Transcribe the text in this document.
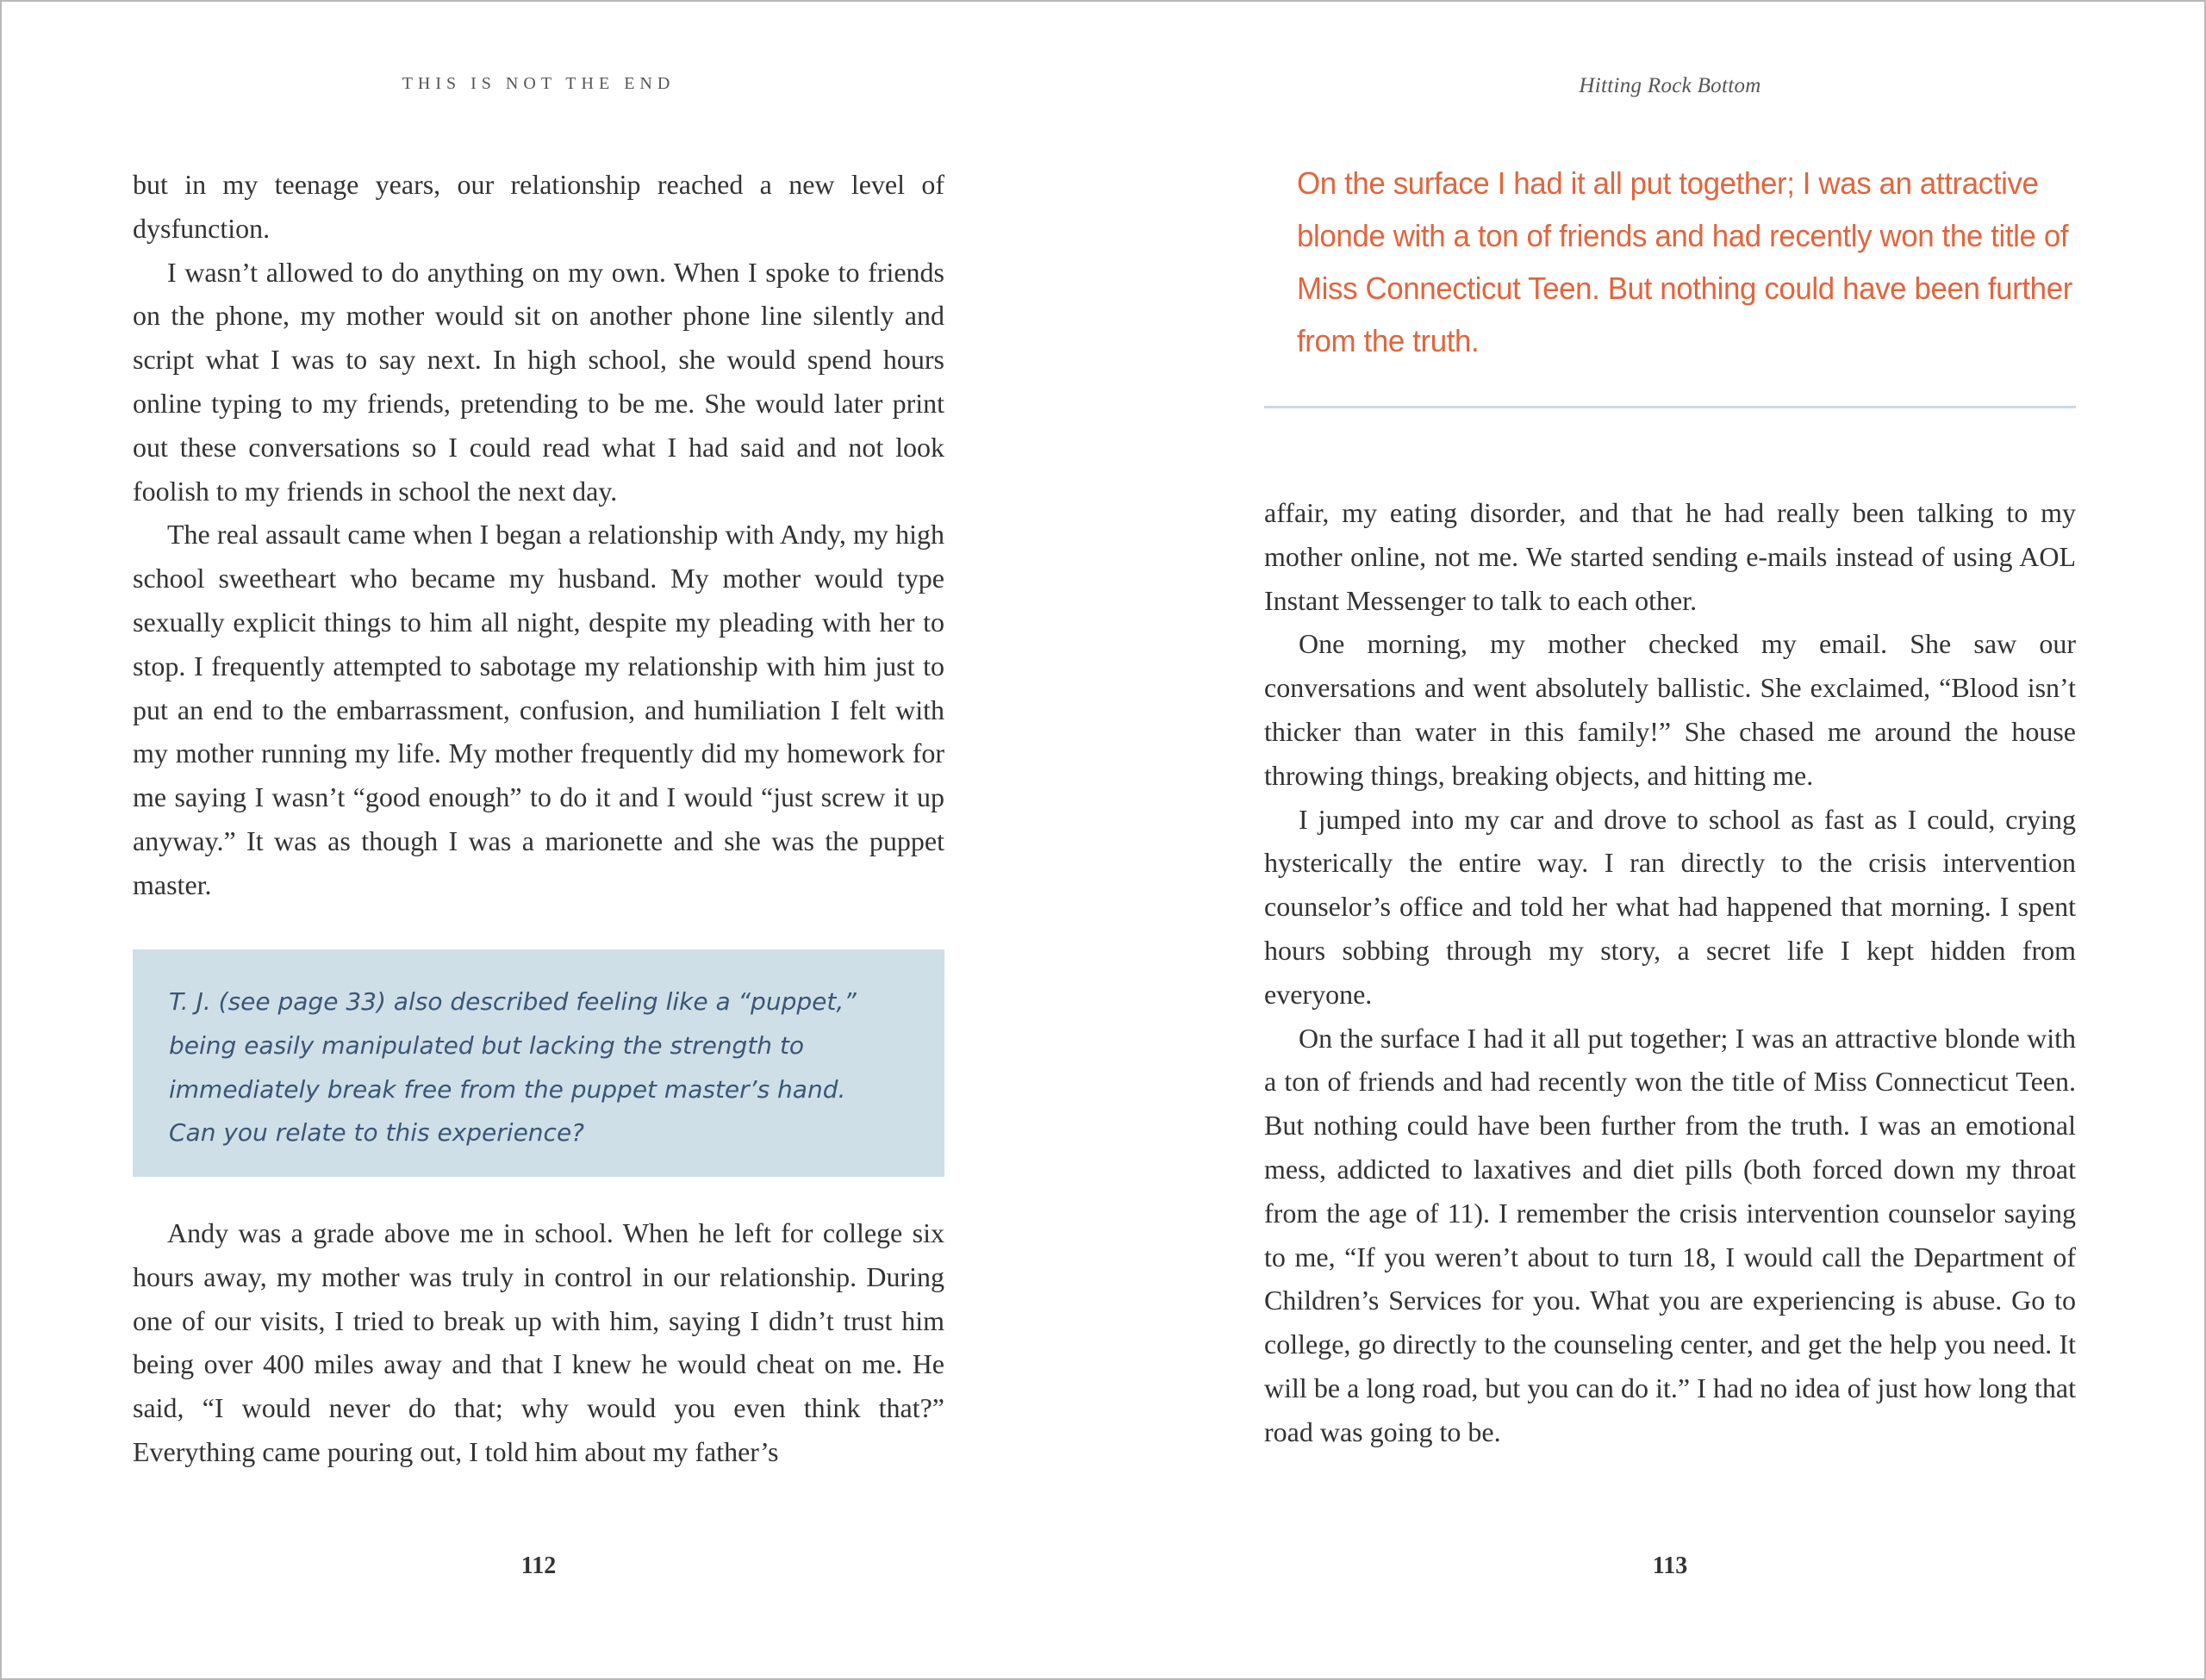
THIS IS NOT THE END

but in my teenage years, our relationship reached a new level of dysfunction.

I wasn’t allowed to do anything on my own. When I spoke to friends on the phone, my mother would sit on another phone line silently and script what I was to say next. In high school, she would spend hours online typing to my friends, pretending to be me. She would later print out these conversations so I could read what I had said and not look foolish to my friends in school the next day.

The real assault came when I began a relationship with Andy, my high school sweetheart who became my husband. My mother would type sexually explicit things to him all night, despite my pleading with her to stop. I frequently attempted to sabotage my relationship with him just to put an end to the embarrassment, confusion, and humiliation I felt with my mother running my life. My mother frequently did my homework for me saying I wasn’t “good enough” to do it and I would “just screw it up anyway.” It was as though I was a marionette and she was the puppet master.

T. J. (see page 33) also described feeling like a “puppet,”

being easily manipulated but lacking the strength to

immediately break free from the puppet master’s hand.

Can you relate to this experience?

Andy was a grade above me in school. When he left for college six hours away, my mother was truly in control in our relationship. During one of our visits, I tried to break up with him, saying I didn’t trust him being over 400 miles away and that I knew he would cheat on me. He said, “I would never do that; why would you even think that?” Everything came pouring out, I told him about my father’s

112
Hitting Rock Bottom
On the surface I had it all put together; I was an attractive
blonde with a ton of friends and had recently won the title of
Miss Connecticut Teen. But nothing could have been further
from the truth.

affair, my eating disorder, and that he had really been talking to my mother online, not me. We started sending e-mails instead of using AOL Instant Messenger to talk to each other.

One morning, my mother checked my email. She saw our conversations and went absolutely ballistic. She exclaimed, “Blood isn’t thicker than water in this family!” She chased me around the house throwing things, breaking objects, and hitting me.

I jumped into my car and drove to school as fast as I could, crying hysterically the entire way. I ran directly to the crisis intervention counselor’s office and told her what had happened that morning. I spent hours sobbing through my story, a secret life I kept hidden from everyone.

On the surface I had it all put together; I was an attractive blonde with a ton of friends and had recently won the title of Miss Connecticut Teen. But nothing could have been further from the truth. I was an emotional mess, addicted to laxatives and diet pills (both forced down my throat from the age of 11). I remember the crisis intervention counselor saying to me, “If you weren’t about to turn 18, I would call the Department of Children’s Services for you. What you are experiencing is abuse. Go to college, go directly to the counseling center, and get the help you need. It will be a long road, but you can do it.” I had no idea of just how long that road was going to be.

113
